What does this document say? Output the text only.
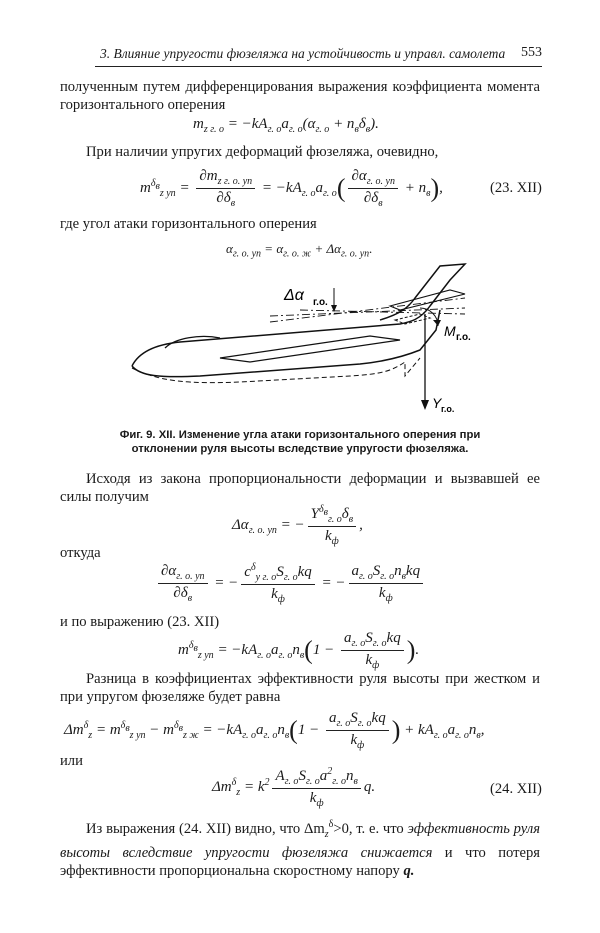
3. Влияние упругости фюзеляжа на устойчивость и управл. самолета	553
полученным путем дифференцирования выражения коэффициента момента горизонтального оперения
$m_{z г. о} = -kA_{г. о}a_{г. о}(\alpha_{г. о} + n_в\delta_в)$.
При наличии упругих деформаций фюзеляжа, очевидно,
$m^{\delta_в}_{z уп} = \frac{\partial m_{z г. о. уп}}{\partial\delta_в} = -kA_{г. о}a_{г. о}( \frac{\partial\alpha_{г. о. уп}}{\partial\delta_в} + n_в)$,	(23. XII)
где угол атаки горизонтального оперения
$\alpha_{г. о. уп} = \alpha_{г. о. ж} + \Delta\alpha_{г. о. уп}$.
Δα г.о.
M г.о.
Y г.о.
Фиг. 9. XII. Изменение угла атаки горизонтального оперения при отклонении руля высоты вследствие упругости фюзеляжа.
Исходя из закона пропорциональности деформации и вызвавшей ее силы получим
$\Delta\alpha_{г. о. уп}$ = − $\frac{Y^{\delta_в}_{г. о}\delta_в}{k_ф}$ ,
откуда
$\frac{\partial\alpha_{г. о. уп}}{\partial\delta_в}$ = − $\frac{c^\delta_{y г. о}S_{г. о}kq}{k_ф}$ = − $\frac{a_{г. о}S_{г. о}n_вkq}{k_ф}$
и по выражению (23. XII)
$m^{\delta_в}_{z уп} = -kA_{г. о}a_{г. о}n_в(1 - \frac{a_{г. о}S_{г. о}kq}{k_ф}$ ).
Разница в коэффициентах эффективности руля высоты при жестком и при упругом фюзеляже будет равна
$\Delta m^\delta_z = m^{\delta_в}_{z уп} - m^{\delta_в}_{z ж} = -kA_{г. о}a_{г. о}n_в(1 - \frac{a_{г. о}S_{г. о}kq}{k_ф}$ ) + $kA_{г. о}a_{г. о}n_в$,
или
$\Delta m^\delta_z = k^2 \frac{A_{г. о}S_{г. о}a^2_{г. о}n_в}{k_ф} q$.	(24. XII)
Из выражения (24. XII) видно, что $\Delta m_z^\delta>0$, т. е. что эффективность руля высоты вследствие упругости фюзеляжа снижается и что потеря эффективности пропорциональна скоростному напору q.
